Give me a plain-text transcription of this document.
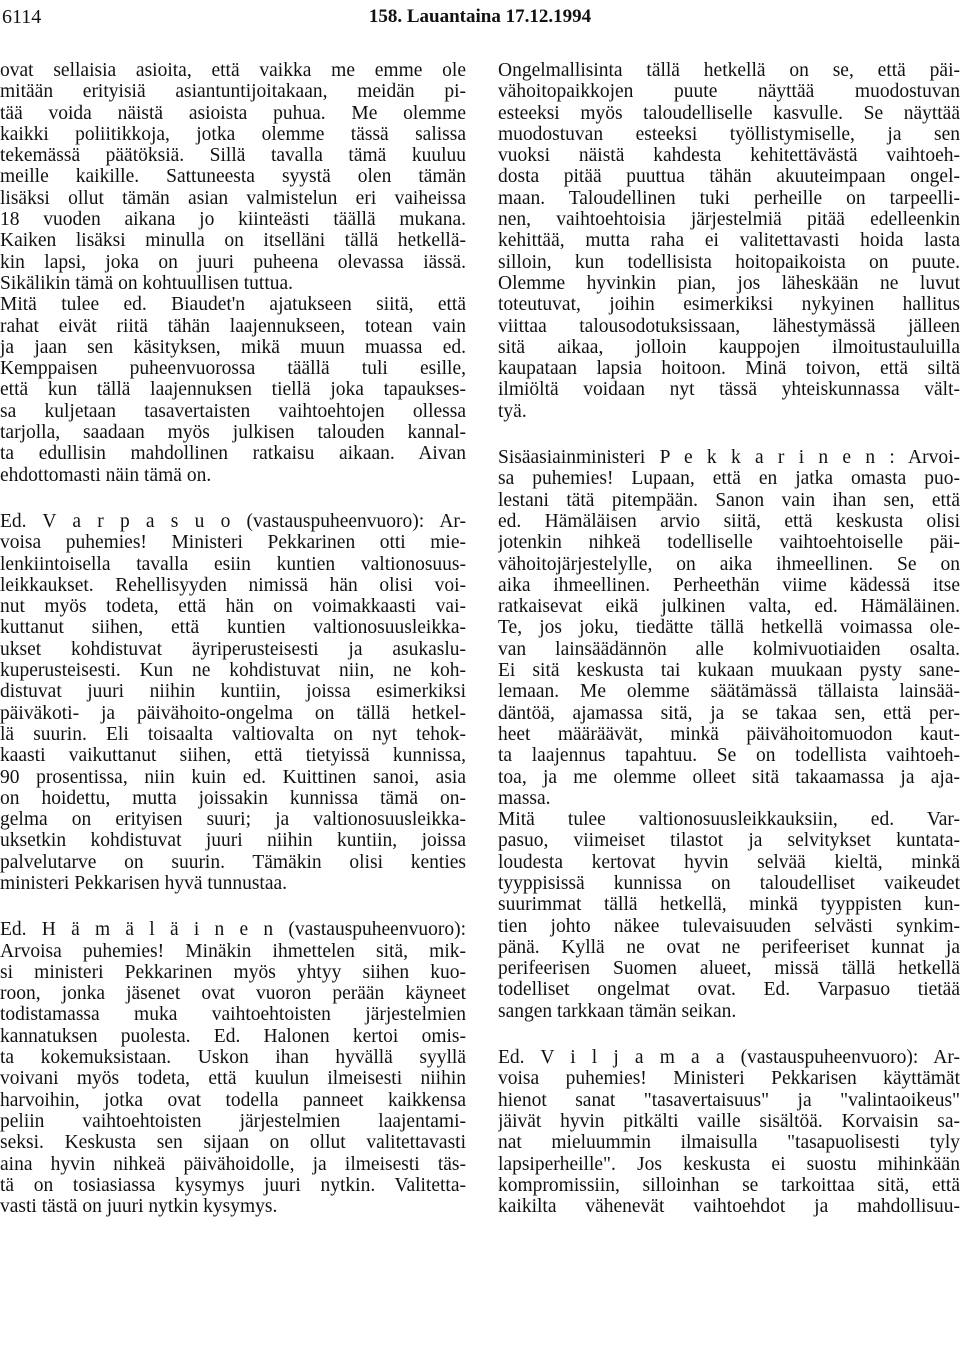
158. Lauantaina 17.12.1994
6114
ovat sellaisia asioita, että vaikka me emme ole
mitään erityisiä asiantuntijoitakaan, meidän pi-
tää voida näistä asioista puhua. Me olemme
kaikki poliitikkoja, jotka olemme tässä salissa
tekemässä päätöksiä. Sillä tavalla tämä kuuluu
meille kaikille. Sattuneesta syystä olen tämän
lisäksi ollut tämän asian valmistelun eri vaiheissa
18 vuoden aikana jo kiinteästi täällä mukana.
Kaiken lisäksi minulla on itselläni tällä hetkellä-
kin lapsi, joka on juuri puheena olevassa iässä.
Sikälikin tämä on kohtuullisen tuttua.
Mitä tulee ed. Biaudet'n ajatukseen siitä, että
rahat eivät riitä tähän laajennukseen, totean vain
ja jaan sen käsityksen, mikä muun muassa ed.
Kemppaisen puheenvuorossa täällä tuli esille,
että kun tällä laajennuksen tiellä joka tapaukses-
sa kuljetaan tasavertaisten vaihtoehtojen ollessa
tarjolla, saadaan myös julkisen talouden kannal-
ta edullisin mahdollinen ratkaisu aikaan. Aivan
ehdottomasti näin tämä on.
Ed. V a r p a s u o (vastauspuheenvuoro): Ar-
voisa puhemies! Ministeri Pekkarinen otti mie-
lenkiintoisella tavalla esiin kuntien valtionosuus-
leikkaukset. Rehellisyyden nimissä hän olisi voi-
nut myös todeta, että hän on voimakkaasti vai-
kuttanut siihen, että kuntien valtionosuusleikka-
ukset kohdistuvat äyriperusteisesti ja asukaslu-
kuperusteisesti. Kun ne kohdistuvat niin, ne koh-
distuvat juuri niihin kuntiin, joissa esimerkiksi
päiväkoti- ja päivähoito-ongelma on tällä hetkel-
lä suurin. Eli toisaalta valtiovalta on nyt tehok-
kaasti vaikuttanut siihen, että tietyissä kunnissa,
90 prosentissa, niin kuin ed. Kuittinen sanoi, asia
on hoidettu, mutta joissakin kunnissa tämä on-
gelma on erityisen suuri; ja valtionosuusleikka-
uksetkin kohdistuvat juuri niihin kuntiin, joissa
palvelutarve on suurin. Tämäkin olisi kenties
ministeri Pekkarisen hyvä tunnustaa.
Ed. H ä m ä l ä i n e n (vastauspuheenvuoro):
Arvoisa puhemies! Minäkin ihmettelen sitä, mik-
si ministeri Pekkarinen myös yhtyy siihen kuo-
roon, jonka jäsenet ovat vuoron perään käyneet
todistamassa muka vaihtoehtoisten järjestelmien
kannatuksen puolesta. Ed. Halonen kertoi omis-
ta kokemuksistaan. Uskon ihan hyvällä syyllä
voivani myös todeta, että kuulun ilmeisesti niihin
harvoihin, jotka ovat todella panneet kaikkensa
peliin vaihtoehtoisten järjestelmien laajentami-
seksi. Keskusta sen sijaan on ollut valitettavasti
aina hyvin nihkeä päivähoidolle, ja ilmeisesti täs-
tä on tosiasiassa kysymys juuri nytkin. Valitetta-
vasti tästä on juuri nytkin kysymys.
Ongelmallisinta tällä hetkellä on se, että päi-
vähoitopaikkojen puute näyttää muodostuvan
esteeksi myös taloudelliselle kasvulle. Se näyttää
muodostuvan esteeksi työllistymiselle, ja sen
vuoksi näistä kahdesta kehitettävästä vaihtoeh-
dosta pitää puuttua tähän akuuteimpaan ongel-
maan. Taloudellinen tuki perheille on tarpeelli-
nen, vaihtoehtoisia järjestelmiä pitää edelleenkin
kehittää, mutta raha ei valitettavasti hoida lasta
silloin, kun todellisista hoitopaikoista on puute.
Olemme hyvinkin pian, jos läheskään ne luvut
toteutuvat, joihin esimerkiksi nykyinen hallitus
viittaa talousodotuksissaan, lähestymässä jälleen
sitä aikaa, jolloin kauppojen ilmoitustauluilla
kaupataan lapsia hoitoon. Minä toivon, että siltä
ilmiöltä voidaan nyt tässä yhteiskunnassa vält-
tyä.
Sisäasiainministeri P e k k a r i n e n : Arvoi-
sa puhemies! Lupaan, että en jatka omasta puo-
lestani tätä pitempään. Sanon vain ihan sen, että
ed. Hämäläisen arvio siitä, että keskusta olisi
jotenkin nihkeä todelliselle vaihtoehtoiselle päi-
vähoitojärjestelylle, on aika ihmeellinen. Se on
aika ihmeellinen. Perheethän viime kädessä itse
ratkaisevat eikä julkinen valta, ed. Hämäläinen.
Te, jos joku, tiedätte tällä hetkellä voimassa ole-
van lainsäädännön alle kolmivuotiaiden osalta.
Ei sitä keskusta tai kukaan muukaan pysty sane-
lemaan. Me olemme säätämässä tällaista lainsää-
däntöä, ajamassa sitä, ja se takaa sen, että per-
heet määräävät, minkä päivähoitomuodon kaut-
ta laajennus tapahtuu. Se on todellista vaihtoeh-
toa, ja me olemme olleet sitä takaamassa ja aja-
massa.
Mitä tulee valtionosuusleikkauksiin, ed. Var-
pasuo, viimeiset tilastot ja selvitykset kuntata-
loudesta kertovat hyvin selvää kieltä, minkä
tyyppisissä kunnissa on taloudelliset vaikeudet
suurimmat tällä hetkellä, minkä tyyppisten kun-
tien johto näkee tulevaisuuden selvästi synkim-
pänä. Kyllä ne ovat ne perifeeriset kunnat ja
perifeerisen Suomen alueet, missä tällä hetkellä
todelliset ongelmat ovat. Ed. Varpasuo tietää
sangen tarkkaan tämän seikan.
Ed. V i l j a m a a (vastauspuheenvuoro): Ar-
voisa puhemies! Ministeri Pekkarisen käyttämät
hienot sanat "tasavertaisuus" ja "valintaoikeus"
jäivät hyvin pitkälti vaille sisältöä. Korvaisin sa-
nat mieluummin ilmaisulla "tasapuolisesti tyly
lapsiperheille". Jos keskusta ei suostu mihinkään
kompromissiin, silloinhan se tarkoittaa sitä, että
kaikilta vähenevät vaihtoehdot ja mahdollisuu-
